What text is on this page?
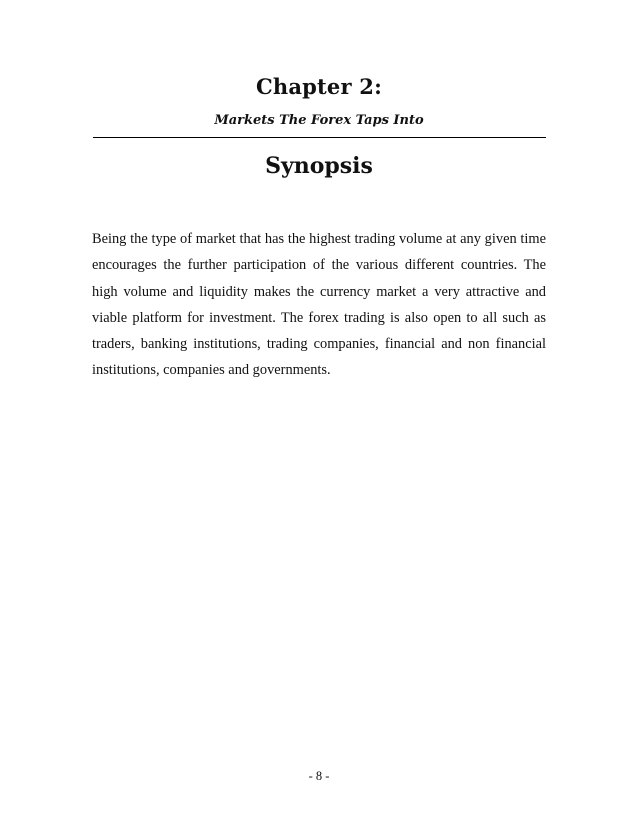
Chapter 2:
Markets The Forex Taps Into
Synopsis

Being the type of market that has the highest trading volume at any given time encourages the further participation of the various different countries. The high volume and liquidity makes the currency market a very attractive and viable platform for investment. The forex trading is also open to all such as traders, banking institutions, trading companies, financial and non financial institutions, companies and governments.

- 8 -
